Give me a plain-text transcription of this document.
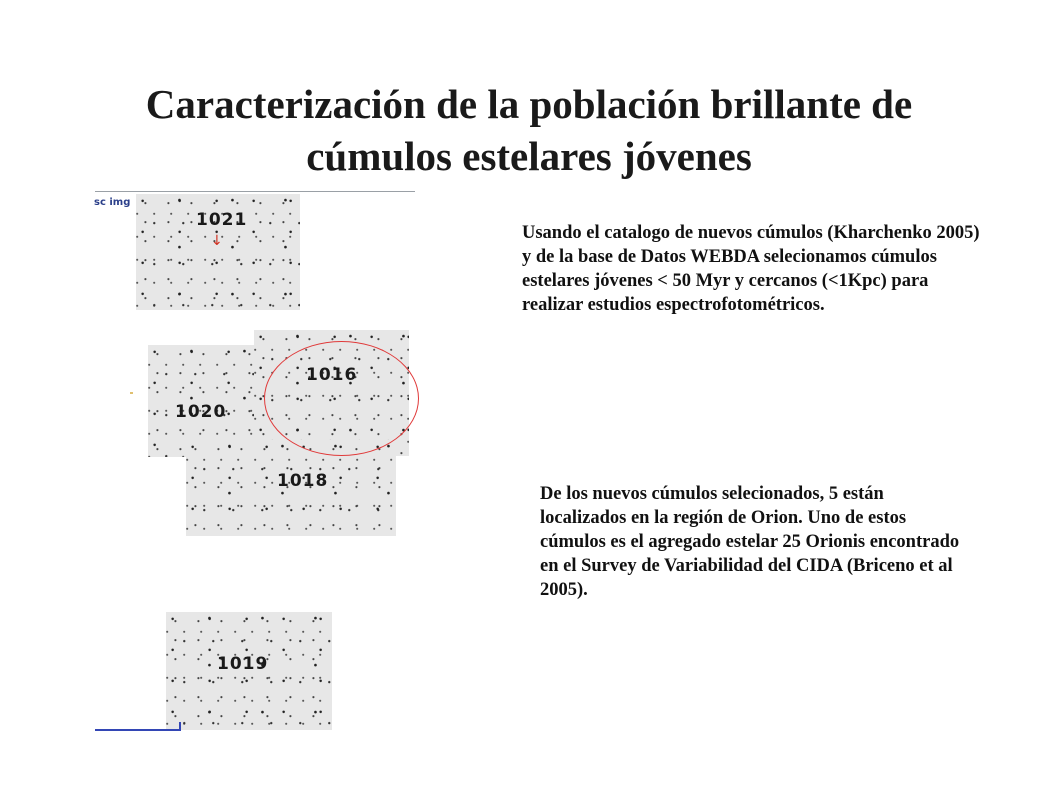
Caracterización de la población brillante de
cúmulos estelares jóvenes
sc img
1021
↓
1020
1016
1018
1019
Usando el catalogo de nuevos cúmulos (Kharchenko 2005) y de la base de Datos WEBDA selecionamos cúmulos estelares jóvenes < 50 Myr y cercanos (<1Kpc) para realizar estudios espectrofotométricos.
De los nuevos cúmulos selecionados, 5 están localizados en la región de Orion. Uno de estos cúmulos es el agregado estelar 25 Orionis encontrado en el Survey de Variabilidad del CIDA (Briceno et al 2005).
